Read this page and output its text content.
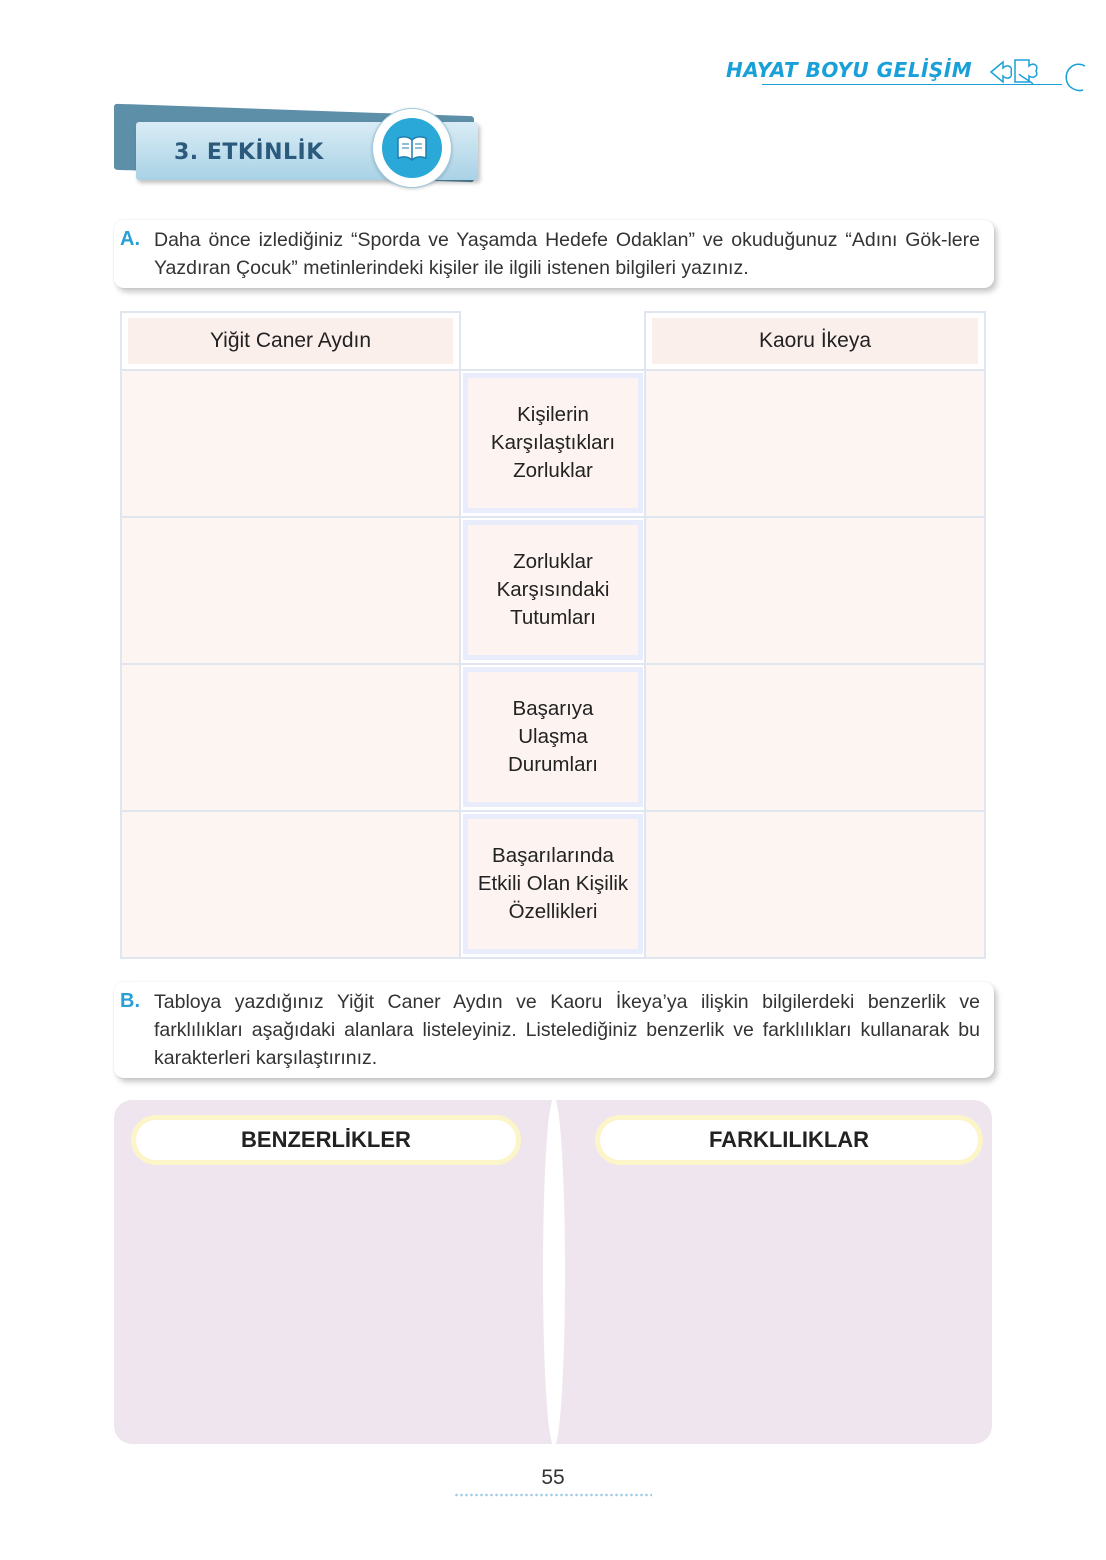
HAYAT BOYU GELİŞİM
3. ETKİNLİK
A. Daha önce izlediğiniz “Sporda ve Yaşamda Hedefe Odaklan” ve okuduğunuz “Adını Gök-lere Yazdıran Çocuk” metinlerindeki kişiler ile ilgili istenen bilgileri yazınız.
Yiğit Caner Aydın	Kaoru İkeya
Kişilerin
Karşılaştıkları
Zorluklar
Zorluklar
Karşısındaki
Tutumları
Başarıya
Ulaşma
Durumları
Başarılarında
Etkili Olan Kişilik
Özellikleri
B. Tabloya yazdığınız Yiğit Caner Aydın ve Kaoru İkeya’ya ilişkin bilgilerdeki benzerlik ve farklılıkları aşağıdaki alanlara listeleyiniz. Listelediğiniz benzerlik ve farklılıkları kullanarak bu karakterleri karşılaştırınız.
BENZERLİKLER	FARKLILIKLAR
55
